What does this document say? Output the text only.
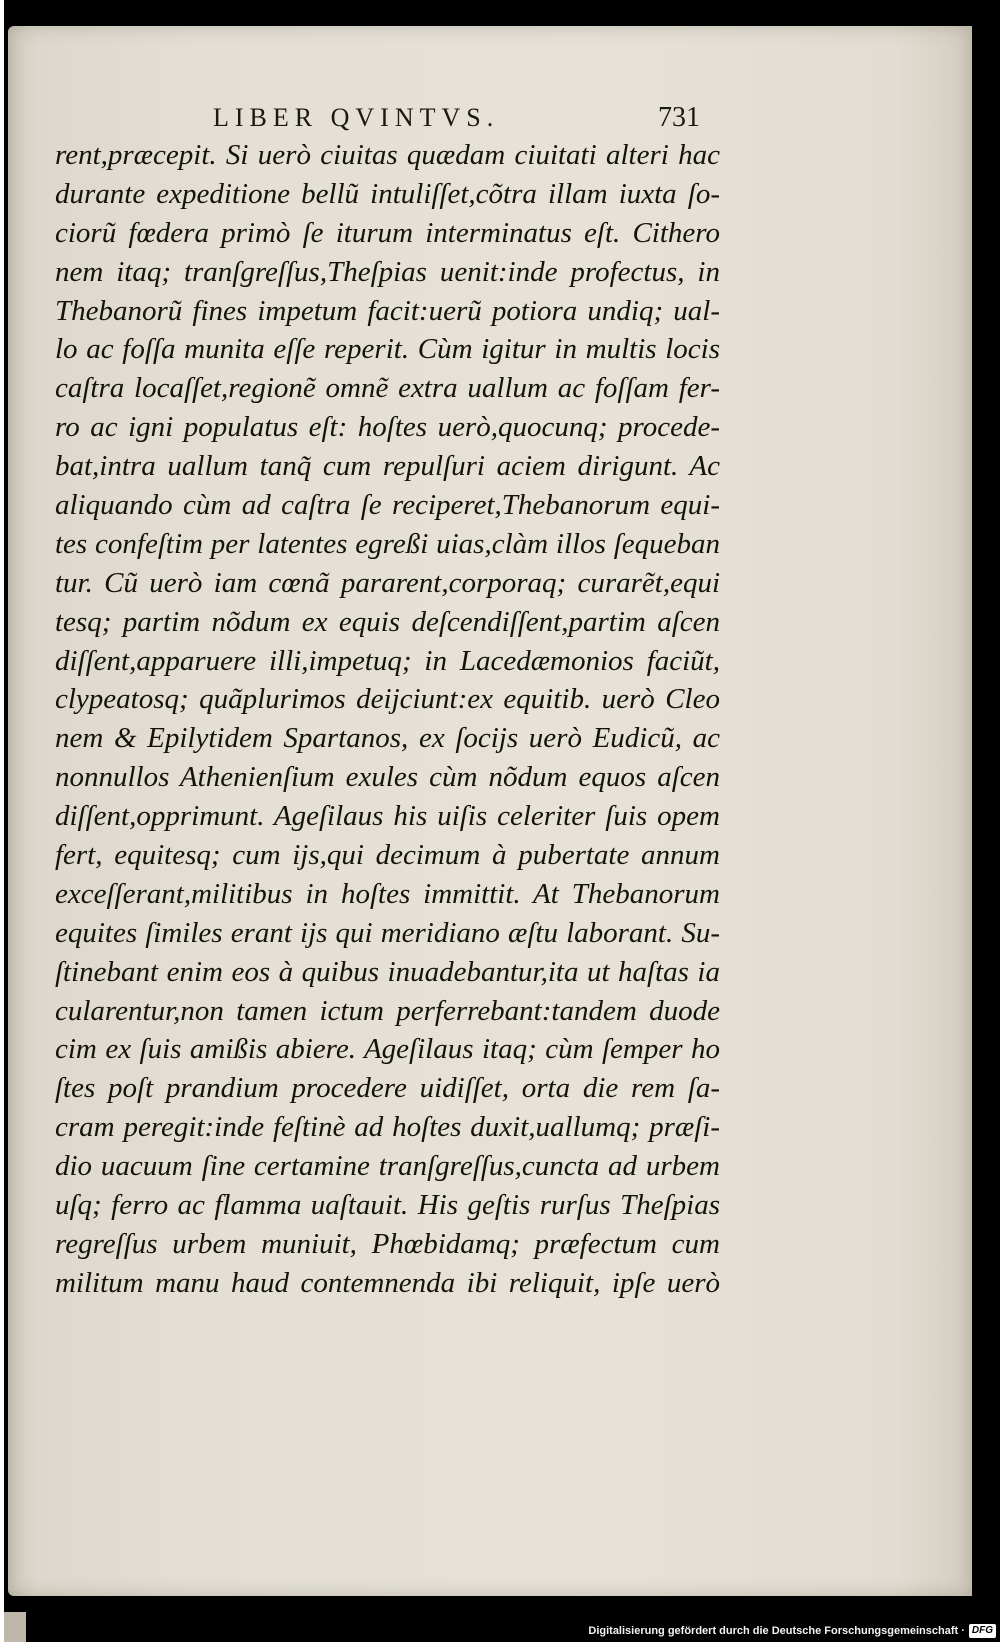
LIBER QVINTVS.	731
rent,præcepit. Si uerò ciuitas quædam ciuitati alteri hac
durante expeditione bellũ intuliſſet,cõtra illam iuxta ſo-
ciorũ fœdera primò ſe iturum interminatus eſt. Cithero
nem itaq; tranſgreſſus,Theſpias uenit:inde profectus, in
Thebanorũ fines impetum facit:uerũ potiora undiq; ual-
lo ac foſſa munita eſſe reperit. Cùm igitur in multis locis
caſtra locaſſet,regionẽ omnẽ extra uallum ac foſſam fer-
ro ac igni populatus eſt: hoſtes uerò,quocunq; procede-
bat,intra uallum tanq̃ cum repulſuri aciem dirigunt. Ac
aliquando cùm ad caſtra ſe reciperet,Thebanorum equi-
tes confeſtim per latentes egreßi uias,clàm illos ſequeban
tur. Cũ uerò iam cœnã pararent,corporaq; curarẽt,equi
tesq; partim nõdum ex equis deſcendiſſent,partim aſcen
diſſent,apparuere illi,impetuq; in Lacedæmonios faciũt,
clypeatosq; quãplurimos deijciunt:ex equitib. uerò Cleo
nem & Epilytidem Spartanos, ex ſocijs uerò Eudicũ, ac
nonnullos Athenienſium exules cùm nõdum equos aſcen
diſſent,opprimunt. Ageſilaus his uiſis celeriter ſuis opem
fert, equitesq; cum ijs,qui decimum à pubertate annum
exceſſerant,militibus in hoſtes immittit. At Thebanorum
equites ſimiles erant ijs qui meridiano æſtu laborant. Su-
ſtinebant enim eos à quibus inuadebantur,ita ut haſtas ia
cularentur,non tamen ictum perferrebant:tandem duode
cim ex ſuis amißis abiere. Ageſilaus itaq; cùm ſemper ho
ſtes poſt prandium procedere uidiſſet, orta die rem ſa-
cram peregit:inde feſtinè ad hoſtes duxit,uallumq; præſi-
dio uacuum ſine certamine tranſgreſſus,cuncta ad urbem
uſq; ferro ac flamma uaſtauit. His geſtis rurſus Theſpias
regreſſus urbem muniuit, Phœbidamq; præfectum cum
militum manu haud contemnenda ibi reliquit, ipſe uerò
Digitalisierung gefördert durch die Deutsche Forschungsgemeinschaft · DFG
